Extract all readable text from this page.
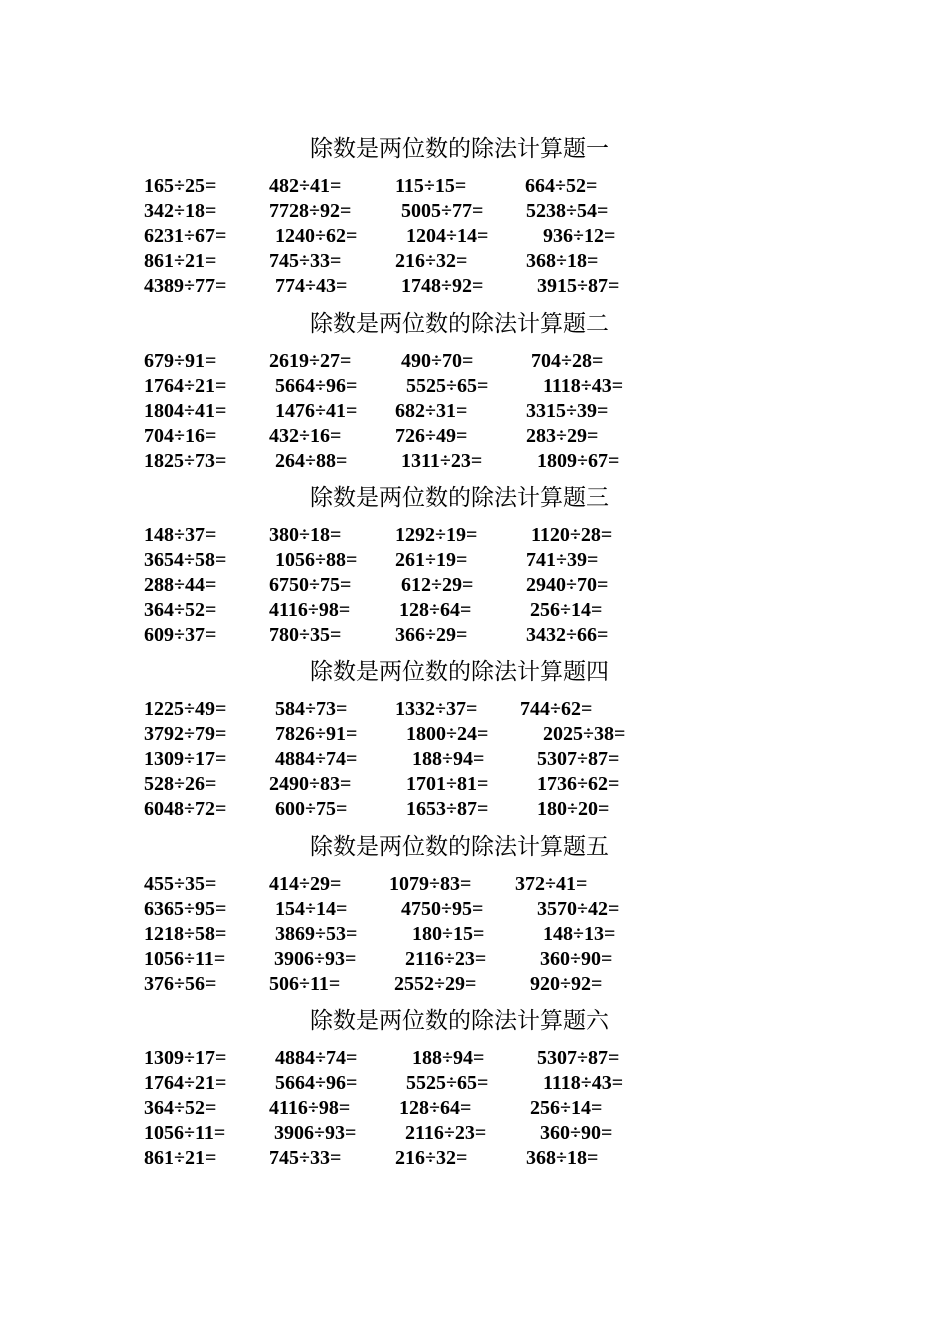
除数是两位数的除法计算题一
165÷25=	482÷41=	115÷15=	664÷52=
342÷18=	7728÷92= 5005÷77= 5238÷54=
6231÷67= 1240÷62= 1204÷14=	936÷12=
861÷21=	745÷33=	216÷32=	368÷18=
4389÷77= 774÷43=	1748÷92=	3915÷87=
除数是两位数的除法计算题二
679÷91=	2619÷27= 490÷70=	704÷28=
1764÷21= 5664÷96= 5525÷65=	1118÷43=
1804÷41= 1476÷41= 682÷31=	3315÷39=
704÷16=	432÷16=	726÷49=	283÷29=
1825÷73= 264÷88=	1311÷23=	1809÷67=
除数是两位数的除法计算题三
148÷37=	380÷18=	1292÷19=	1120÷28=
3654÷58= 1056÷88= 261÷19=	741÷39=
288÷44=	6750÷75= 612÷29=	2940÷70=
364÷52=	4116÷98= 128÷64=	256÷14=
609÷37=	780÷35=	366÷29=	3432÷66=
除数是两位数的除法计算题四
1225÷49= 584÷73= 1332÷37= 744÷62=
3792÷79= 7826÷91= 1800÷24=	2025÷38=
1309÷17= 4884÷74=	188÷94=	5307÷87=
528÷26=	2490÷83=	1701÷81= 1736÷62=
6048÷72= 600÷75=	1653÷87= 180÷20=
除数是两位数的除法计算题五
455÷35=	414÷29= 1079÷83= 372÷41=
6365÷95= 154÷14=	4750÷95=	3570÷42=
1218÷58= 3869÷53=	180÷15=	148÷13=
1056÷11= 3906÷93= 2116÷23=	360÷90=
376÷56=	506÷11=	2552÷29=	920÷92=
除数是两位数的除法计算题六
1309÷17= 4884÷74=	188÷94=	5307÷87=
1764÷21= 5664÷96= 5525÷65=	1118÷43=
364÷52=	4116÷98= 128÷64=	256÷14=
1056÷11= 3906÷93= 2116÷23=	360÷90=
861÷21=	745÷33=	216÷32=	368÷18=
